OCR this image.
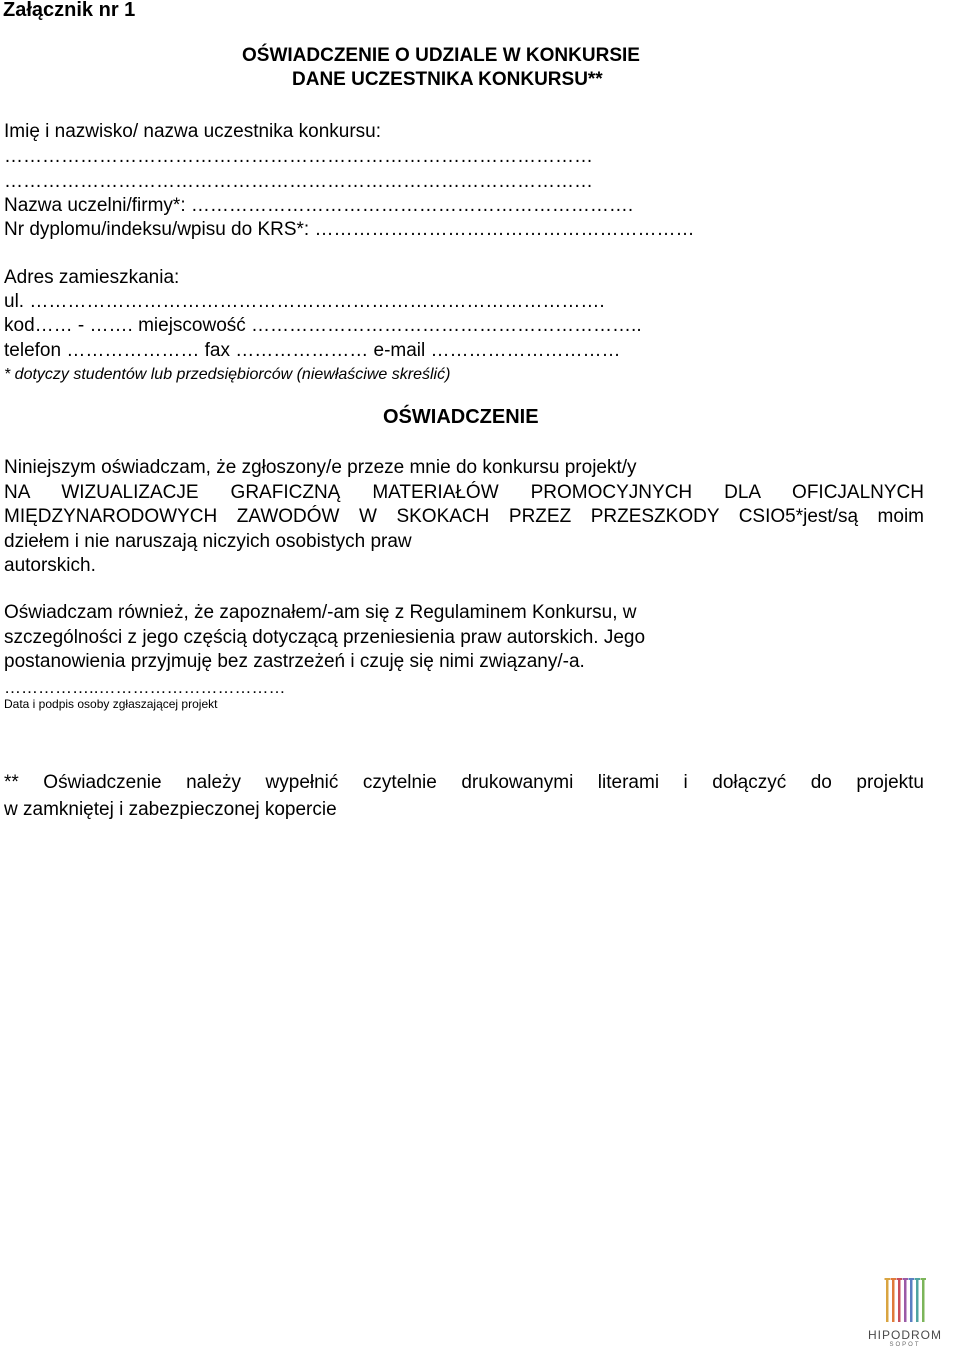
Załącznik nr 1
OŚWIADCZENIE O UDZIALE W KONKURSIE
DANE UCZESTNIKA KONKURSU**
Imię i nazwisko/ nazwa uczestnika konkursu:
…………………………………………………………………………………
…………………………………………………………………………………
Nazwa uczelni/firmy*: …………………………………………………………….
Nr dyplomu/indeksu/wpisu do KRS*: ……………………………………………………
Adres zamieszkania:
ul. ……………………………………………………………………………….
kod…… - ……. miejscowość ……………………………………………………..
telefon ………………… fax ………………… e-mail …………………………
* dotyczy studentów lub przedsiębiorców (niewłaściwe skreślić)
OŚWIADCZENIE
Niniejszym oświadczam, że zgłoszony/e przeze mnie do konkursu projekt/y
NA WIZUALIZACJE GRAFICZNĄ MATERIAŁÓW PROMOCYJNYCH DLA OFICJALNYCH
MIĘDZYNARODOWYCH ZAWODÓW W SKOKACH PRZEZ PRZESZKODY CSIO5*jest/są moim
dziełem i nie naruszają niczyich osobistych praw
autorskich.
Oświadczam również, że zapoznałem/-am się z Regulaminem Konkursu, w
szczególności z jego częścią dotyczącą przeniesienia praw autorskich. Jego
postanowienia przyjmuję bez zastrzeżeń i czuję się nimi związany/-a.
……………..……………………………
Data i podpis osoby zgłaszającej projekt
** Oświadczenie należy wypełnić czytelnie drukowanymi literami i dołączyć do projektu
w zamkniętej i zabezpieczonej kopercie
HIPODROM
SOPOT
